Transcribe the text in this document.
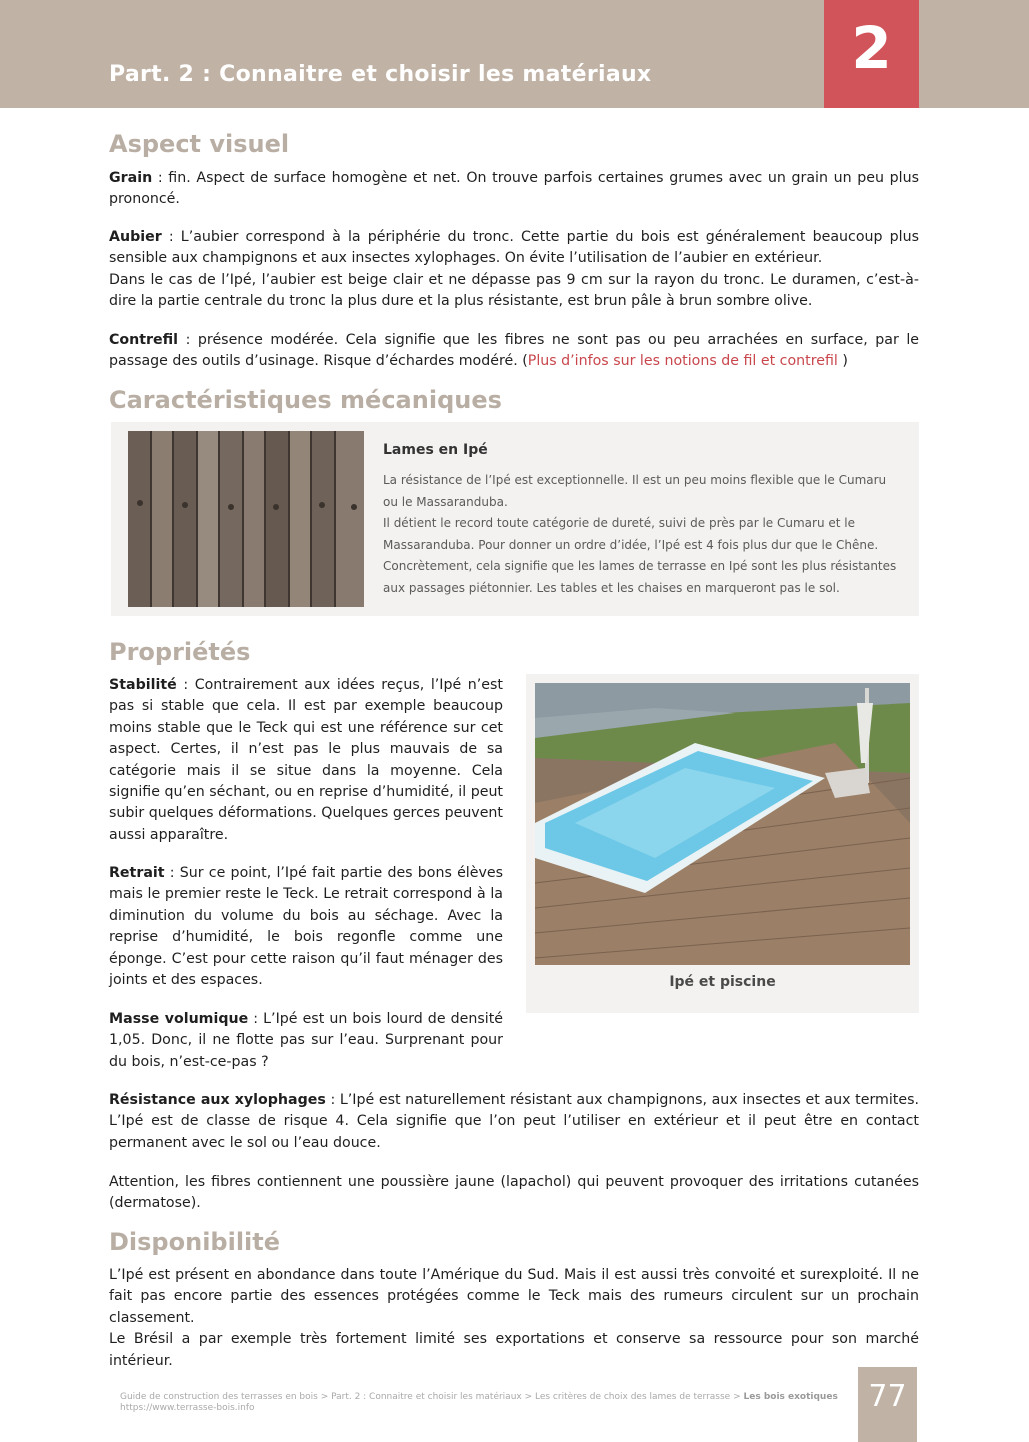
Part. 2 : Connaitre et choisir les matériaux	2
Aspect visuel
Grain : fin. Aspect de surface homogène et net. On trouve parfois certaines grumes avec un grain un peu plus prononcé.
Aubier : L’aubier correspond à la périphérie du tronc. Cette partie du bois est généralement beaucoup plus sensible aux champignons et aux insectes xylophages. On évite l’utilisation de l’aubier en extérieur.
Dans le cas de l’Ipé, l’aubier est beige clair et ne dépasse pas 9 cm sur la rayon du tronc. Le duramen, c’est-à-dire la partie centrale du tronc la plus dure et la plus résistante, est brun pâle à brun sombre olive.
Contrefil : présence modérée. Cela signifie que les fibres ne sont pas ou peu arrachées en surface, par le passage des outils d’usinage. Risque d’échardes modéré. (Plus d’infos sur les notions de fil et contrefil )
Caractéristiques mécaniques
Lames en Ipé
La résistance de l’Ipé est exceptionnelle. Il est un peu moins flexible que le Cumaru ou le Massaranduba.
Il détient le record toute catégorie de dureté, suivi de près par le Cumaru et le Massaranduba. Pour donner un ordre d’idée, l’Ipé est 4 fois plus dur que le Chêne.
Concrètement, cela signifie que les lames de terrasse en Ipé sont les plus résistantes aux passages piétonnier. Les tables et les chaises en marqueront pas le sol.
Propriétés
Stabilité : Contrairement aux idées reçus, l’Ipé n’est pas si stable que cela. Il est par exemple beaucoup moins stable que le Teck qui est une référence sur cet aspect. Certes, il n’est pas le plus mauvais de sa catégorie mais il se situe dans la moyenne. Cela signifie qu’en séchant, ou en reprise d’humidité, il peut subir quelques déformations. Quelques gerces peuvent aussi apparaître.
Retrait : Sur ce point, l’Ipé fait partie des bons élèves mais le premier reste le Teck. Le retrait correspond à la diminution du volume du bois au séchage. Avec la reprise d’humidité, le bois regonfle comme une éponge. C’est pour cette raison qu’il faut ménager des joints et des espaces.
Masse volumique : L’Ipé est un bois lourd de densité 1,05. Donc, il ne flotte pas sur l’eau. Surprenant pour du bois, n’est-ce-pas ?
Ipé et piscine
Résistance aux xylophages : L’Ipé est naturellement résistant aux champignons, aux insectes et aux termites. L’Ipé est de classe de risque 4. Cela signifie que l’on peut l’utiliser en extérieur et il peut être en contact permanent avec le sol ou l’eau douce.
Attention, les fibres contiennent une poussière jaune (lapachol) qui peuvent provoquer des irritations cutanées (dermatose).
Disponibilité
L’Ipé est présent en abondance dans toute l’Amérique du Sud. Mais il est aussi très convoité et surexploité. Il ne fait pas encore partie des essences protégées comme le Teck mais des rumeurs circulent sur un prochain classement.
Le Brésil a par exemple très fortement limité ses exportations et conserve sa ressource pour son marché intérieur.
Guide de construction des terrasses en bois > Part. 2 : Connaitre et choisir les matériaux > Les critères de choix des lames de terrasse > Les bois exotiques
https://www.terrasse-bois.info	77
